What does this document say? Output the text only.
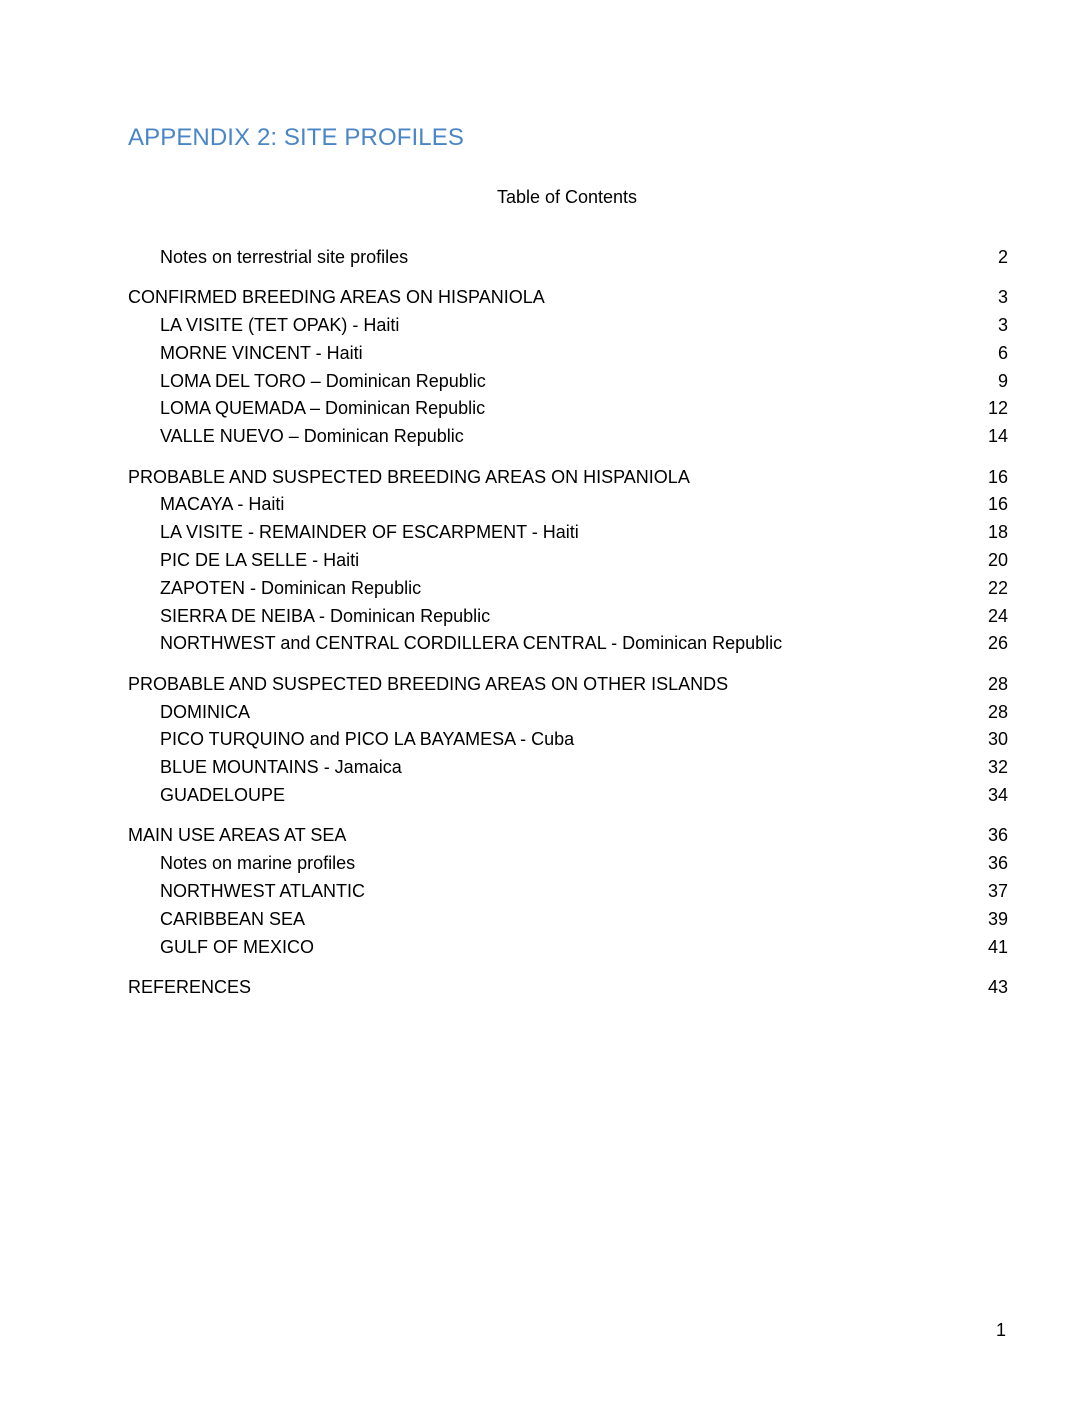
APPENDIX 2: SITE PROFILES
Table of Contents
Notes on terrestrial site profiles	2
CONFIRMED BREEDING AREAS ON HISPANIOLA	3
LA VISITE (TET OPAK) - Haiti	3
MORNE VINCENT - Haiti	6
LOMA DEL TORO – Dominican Republic	9
LOMA QUEMADA – Dominican Republic	12
VALLE NUEVO – Dominican Republic	14
PROBABLE AND SUSPECTED BREEDING AREAS ON HISPANIOLA	16
MACAYA - Haiti	16
LA VISITE - REMAINDER OF ESCARPMENT - Haiti	18
PIC DE LA SELLE - Haiti	20
ZAPOTEN - Dominican Republic	22
SIERRA DE NEIBA - Dominican Republic	24
NORTHWEST and CENTRAL CORDILLERA CENTRAL - Dominican Republic	26
PROBABLE AND SUSPECTED BREEDING AREAS ON OTHER ISLANDS	28
DOMINICA	28
PICO TURQUINO and PICO LA BAYAMESA - Cuba	30
BLUE MOUNTAINS - Jamaica	32
GUADELOUPE	34
MAIN USE AREAS AT SEA	36
Notes on marine profiles	36
NORTHWEST ATLANTIC	37
CARIBBEAN SEA	39
GULF OF MEXICO	41
REFERENCES	43
1
